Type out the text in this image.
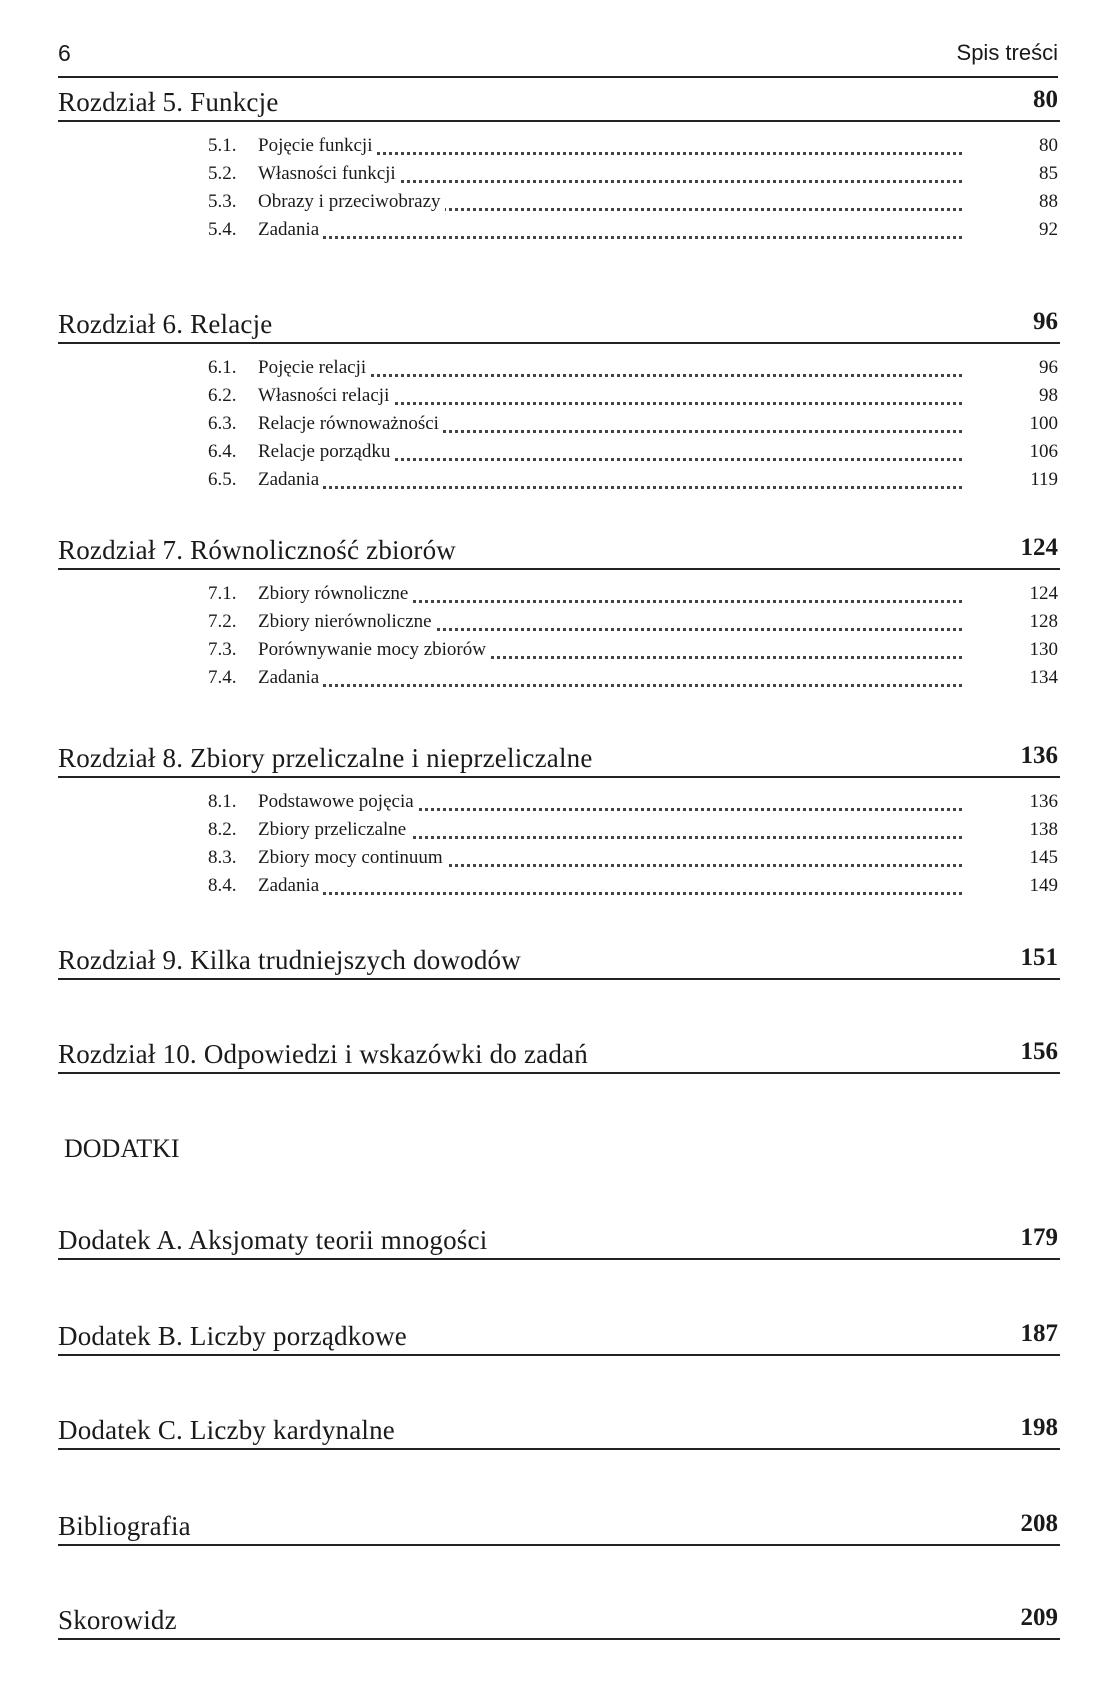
6	Spis treści
Rozdział 5. Funkcje	80
5.1.	Pojęcie funkcji	80
5.2.	Własności funkcji	85
5.3.	Obrazy i przeciwobrazy	88
5.4.	Zadania	92
Rozdział 6. Relacje	96
6.1.	Pojęcie relacji	96
6.2.	Własności relacji	98
6.3.	Relacje równoważności	100
6.4.	Relacje porządku	106
6.5.	Zadania	119
Rozdział 7. Równoliczność zbiorów	124
7.1.	Zbiory równoliczne	124
7.2.	Zbiory nierównoliczne	128
7.3.	Porównywanie mocy zbiorów	130
7.4.	Zadania	134
Rozdział 8. Zbiory przeliczalne i nieprzeliczalne	136
8.1.	Podstawowe pojęcia	136
8.2.	Zbiory przeliczalne	138
8.3.	Zbiory mocy continuum	145
8.4.	Zadania	149
Rozdział 9. Kilka trudniejszych dowodów	151
Rozdział 10. Odpowiedzi i wskazówki do zadań	156
DODATKI
Dodatek A. Aksjomaty teorii mnogości	179
Dodatek B. Liczby porządkowe	187
Dodatek C. Liczby kardynalne	198
Bibliografia	208
Skorowidz	209
